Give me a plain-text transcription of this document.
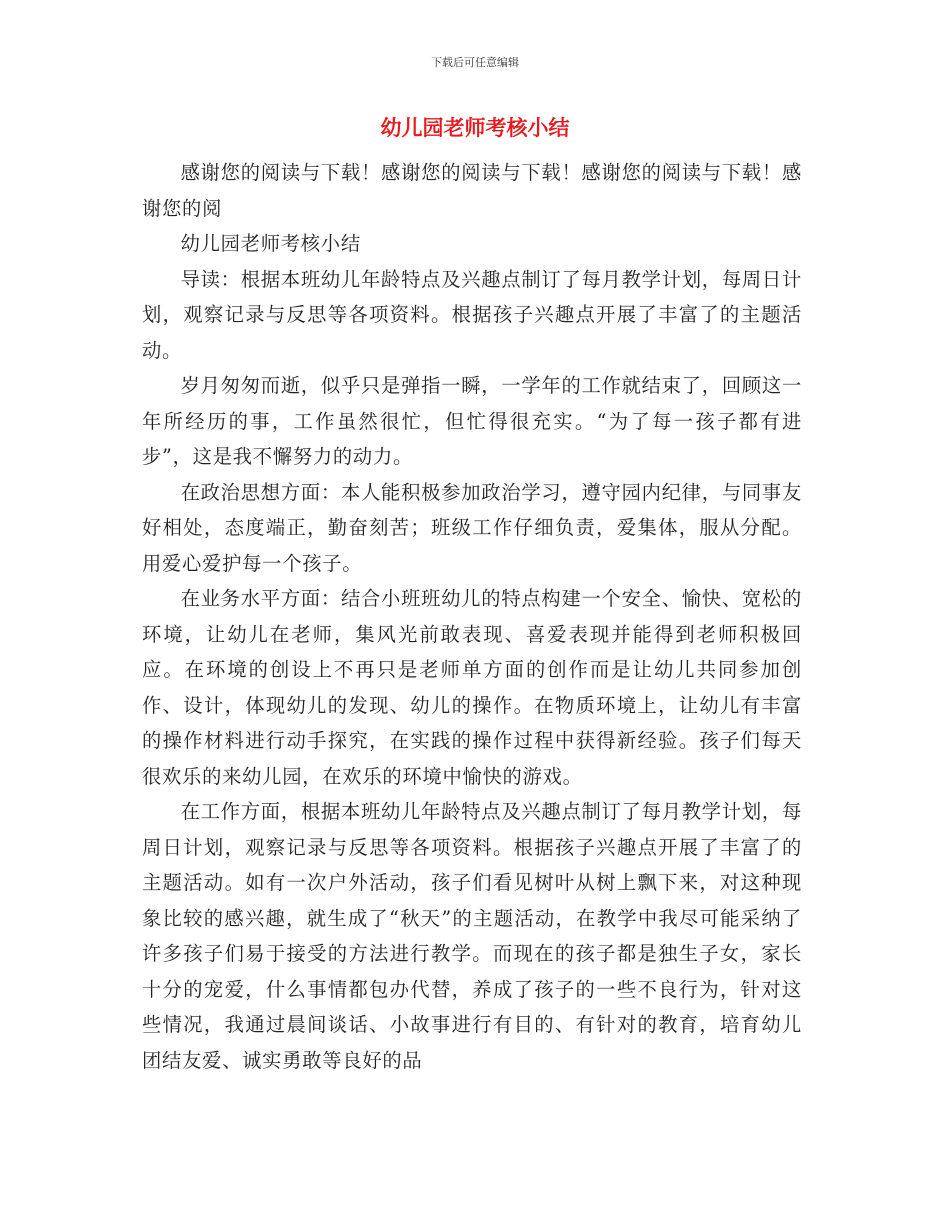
下载后可任意编辑
幼儿园老师考核小结

感谢您的阅读与下载！感谢您的阅读与下载！感谢您的阅读与下载！感谢您的阅

幼儿园老师考核小结

导读：根据本班幼儿年龄特点及兴趣点制订了每月教学计划，每周日计划，观察记录与反思等各项资料。根据孩子兴趣点开展了丰富了的主题活动。

岁月匆匆而逝，似乎只是弹指一瞬，一学年的工作就结束了，回顾这一年所经历的事，工作虽然很忙，但忙得很充实。“为了每一孩子都有进步”，这是我不懈努力的动力。

在政治思想方面：本人能积极参加政治学习，遵守园内纪律，与同事友好相处，态度端正，勤奋刻苦；班级工作仔细负责，爱集体，服从分配。用爱心爱护每一个孩子。

在业务水平方面：结合小班班幼儿的特点构建一个安全、愉快、宽松的环境，让幼儿在老师，集风光前敢表现、喜爱表现并能得到老师积极回应。在环境的创设上不再只是老师单方面的创作而是让幼儿共同参加创作、设计，体现幼儿的发现、幼儿的操作。在物质环境上，让幼儿有丰富的操作材料进行动手探究，在实践的操作过程中获得新经验。孩子们每天很欢乐的来幼儿园，在欢乐的环境中愉快的游戏。

在工作方面，根据本班幼儿年龄特点及兴趣点制订了每月教学计划，每周日计划，观察记录与反思等各项资料。根据孩子兴趣点开展了丰富了的主题活动。如有一次户外活动，孩子们看见树叶从树上飘下来，对这种现象比较的感兴趣，就生成了“秋天”的主题活动，在教学中我尽可能采纳了许多孩子们易于接受的方法进行教学。而现在的孩子都是独生子女，家长十分的宠爱，什么事情都包办代替，养成了孩子的一些不良行为，针对这些情况，我通过晨间谈话、小故事进行有目的、有针对的教育，培育幼儿团结友爱、诚实勇敢等良好的品
